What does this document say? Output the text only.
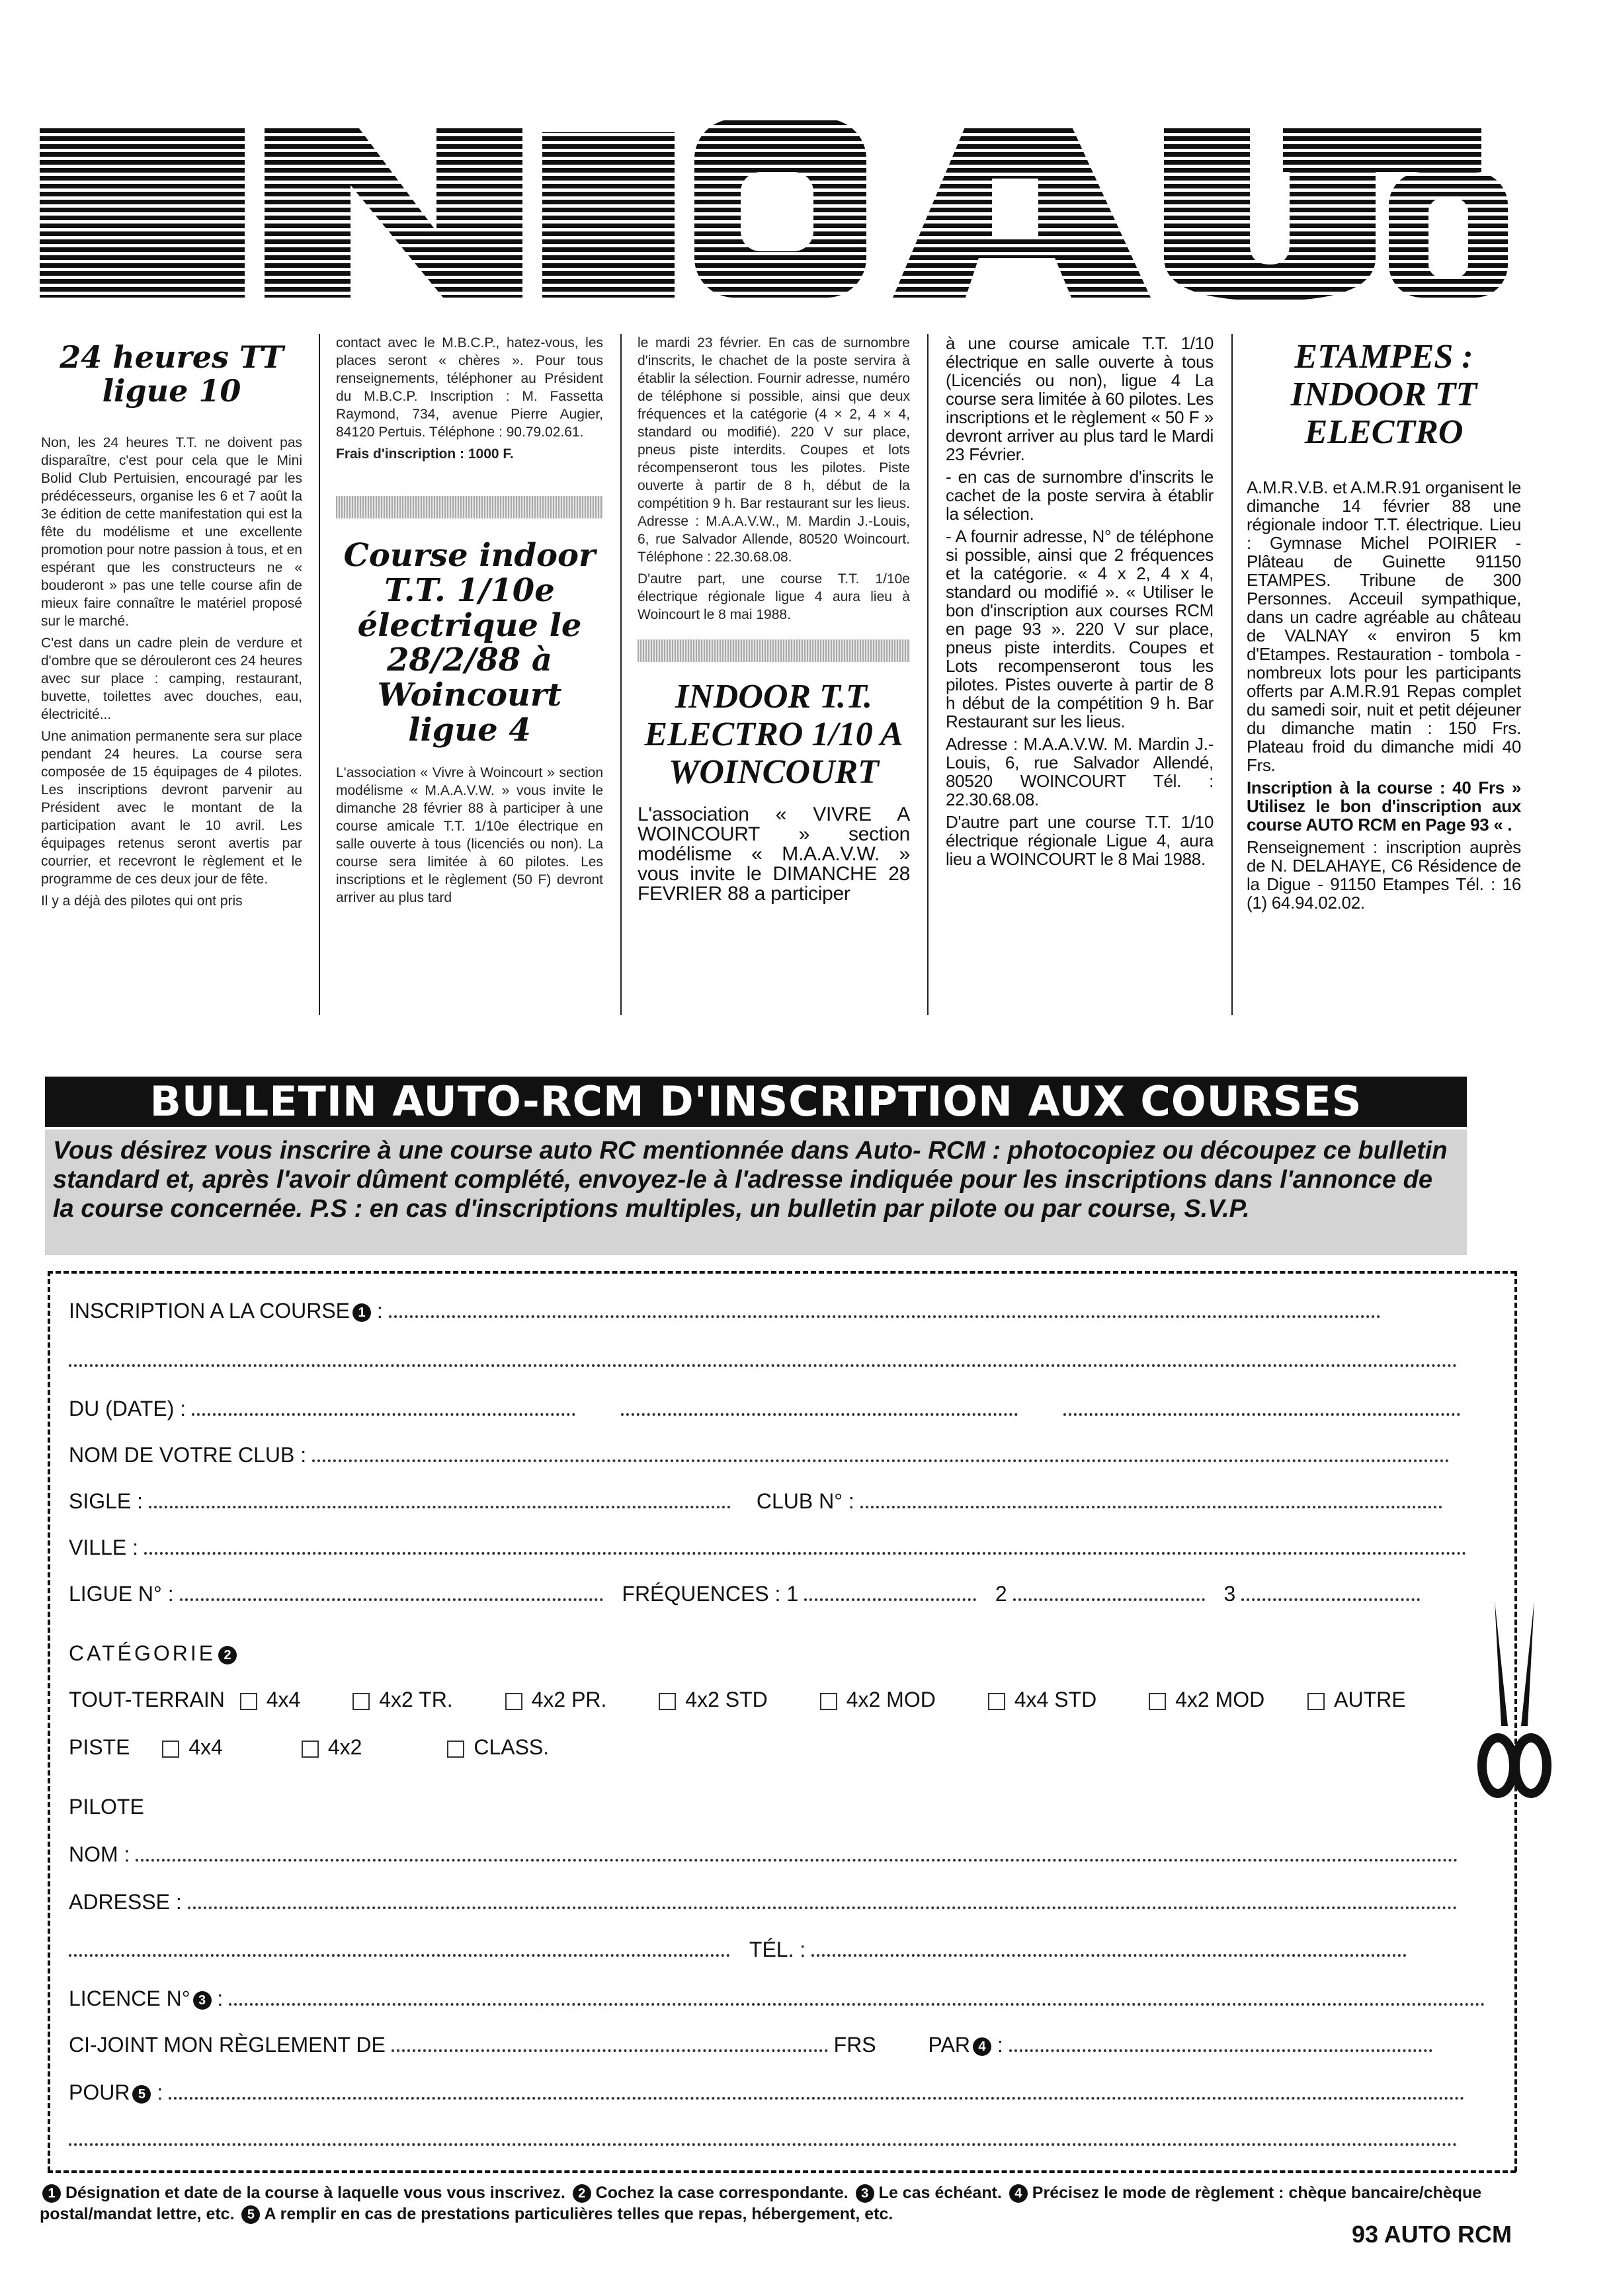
INFO AUTO
24 heures TT ligue 10

Non, les 24 heures T.T. ne doivent pas disparaître, c'est pour cela que le Mini Bolid Club Pertuisien, encouragé par les prédécesseurs, organise les 6 et 7 août la 3e édition de cette manifestation qui est la fête du modélisme et une excellente promotion pour notre passion à tous, et en espérant que les constructeurs ne « bouderont » pas une telle course afin de mieux faire connaître le matériel proposé sur le marché.

C'est dans un cadre plein de verdure et d'ombre que se dérouleront ces 24 heures avec sur place : camping, restaurant, buvette, toilettes avec douches, eau, électricité...

Une animation permanente sera sur place pendant 24 heures. La course sera composée de 15 équipages de 4 pilotes. Les inscriptions devront parvenir au Président avec le montant de la participation avant le 10 avril. Les équipages retenus seront avertis par courrier, et recevront le règlement et le programme de ces deux jour de fête.

Il y a déjà des pilotes qui ont pris

contact avec le M.B.C.P., hatez-vous, les places seront « chères ». Pour tous renseignements, téléphoner au Président du M.B.C.P. Inscription : M. Fassetta Raymond, 734, avenue Pierre Augier, 84120 Pertuis. Téléphone : 90.79.02.61.

Frais d'inscription : 1000 F.

Course indoor T.T. 1/10e électrique le 28/2/88 à Woincourt ligue 4

L'association « Vivre à Woincourt » section modélisme « M.A.A.V.W. » vous invite le dimanche 28 février 88 à participer à une course amicale T.T. 1/10e électrique en salle ouverte à tous (licenciés ou non). La course sera limitée à 60 pilotes. Les inscriptions et le règlement (50 F) devront arriver au plus tard

le mardi 23 février. En cas de surnombre d'inscrits, le chachet de la poste servira à établir la sélection. Fournir adresse, numéro de téléphone si possible, ainsi que deux fréquences et la catégorie (4 × 2, 4 × 4, standard ou modifié). 220 V sur place, pneus piste interdits. Coupes et lots récompenseront tous les pilotes. Piste ouverte à partir de 8 h, début de la compétition 9 h. Bar restaurant sur les lieus. Adresse : M.A.A.V.W., M. Mardin J.-Louis, 6, rue Salvador Allende, 80520 Woincourt. Téléphone : 22.30.68.08.

D'autre part, une course T.T. 1/10e électrique régionale ligue 4 aura lieu à Woincourt le 8 mai 1988.

INDOOR T.T. ELECTRO 1/10 A WOINCOURT

L'association « VIVRE A WOINCOURT » section modélisme « M.A.A.V.W. » vous invite le DIMANCHE 28 FEVRIER 88 a participer

à une course amicale T.T. 1/10 électrique en salle ouverte à tous (Licenciés ou non), ligue 4 La course sera limitée à 60 pilotes. Les inscriptions et le règlement « 50 F » devront arriver au plus tard le Mardi 23 Février.

- en cas de surnombre d'inscrits le cachet de la poste servira à établir la sélection.

- A fournir adresse, N° de téléphone si possible, ainsi que 2 fréquences et la catégorie. « 4 x 2, 4 x 4, standard ou modifié ». « Utiliser le bon d'inscription aux courses RCM en page 93 ». 220 V sur place, pneus piste interdits. Coupes et Lots recompenseront tous les pilotes. Pistes ouverte à partir de 8 h début de la compétition 9 h. Bar Restaurant sur les lieus.

Adresse : M.A.A.V.W. M. Mardin J.-Louis, 6, rue Salvador Allendé, 80520 WOINCOURT Tél. : 22.30.68.08.

D'autre part une course T.T. 1/10 électrique régionale Ligue 4, aura lieu a WOINCOURT le 8 Mai 1988.

ETAMPES : INDOOR TT ELECTRO

A.M.R.V.B. et A.M.R.91 organisent le dimanche 14 février 88 une régionale indoor T.T. électrique. Lieu : Gymnase Michel POIRIER - Plâteau de Guinette 91150 ETAMPES. Tribune de 300 Personnes. Acceuil sympathique, dans un cadre agréable au château de VALNAY « environ 5 km d'Etampes. Restauration - tombola - nombreux lots pour les participants offerts par A.M.R.91 Repas complet du samedi soir, nuit et petit déjeuner du dimanche matin : 150 Frs. Plateau froid du dimanche midi 40 Frs.

Inscription à la course : 40 Frs » Utilisez le bon d'inscription aux course AUTO RCM en Page 93 « .

Renseignement : inscription auprès de N. DELAHAYE, C6 Résidence de la Digue - 91150 Etampes Tél. : 16 (1) 64.94.02.02.

BULLETIN AUTO-RCM D'INSCRIPTION AUX COURSES
Vous désirez vous inscrire à une course auto RC mentionnée dans Auto- RCM : photocopiez ou découpez ce bulletin standard et, après l'avoir dûment complété, envoyez-le à l'adresse indiquée pour les inscriptions dans l'annonce de la course concernée. P.S : en cas d'inscriptions multiples, un bulletin par pilote ou par course, S.V.P.
INSCRIPTION A LA COURSE 1 :
DU (DATE) :
NOM DE VOTRE CLUB :
SIGLE :	CLUB N° :
VILLE :
LIGUE N° :	FRÉQUENCES : 1	2	3
CATÉGORIE 2
TOUT-TERRAIN 4x4	4x2 TR.	4x2 PR.	4x2 STD	4x2 MOD	4x4 STD	4x2 MOD	AUTRE
PISTE	4x4	4x2	CLASS.
PILOTE
NOM :
ADRESSE :
TÉL. :
LICENCE N° 3 :
CI-JOINT MON RÈGLEMENT DE	FRS PAR 4 :
POUR 5 :
1 Désignation et date de la course à laquelle vous vous inscrivez. 2 Cochez la case correspondante. 3 Le cas échéant. 4 Précisez le mode de règlement : chèque bancaire/chèque postal/mandat lettre, etc. 5 A remplir en cas de prestations particulières telles que repas, hébergement, etc.
93 AUTO RCM
